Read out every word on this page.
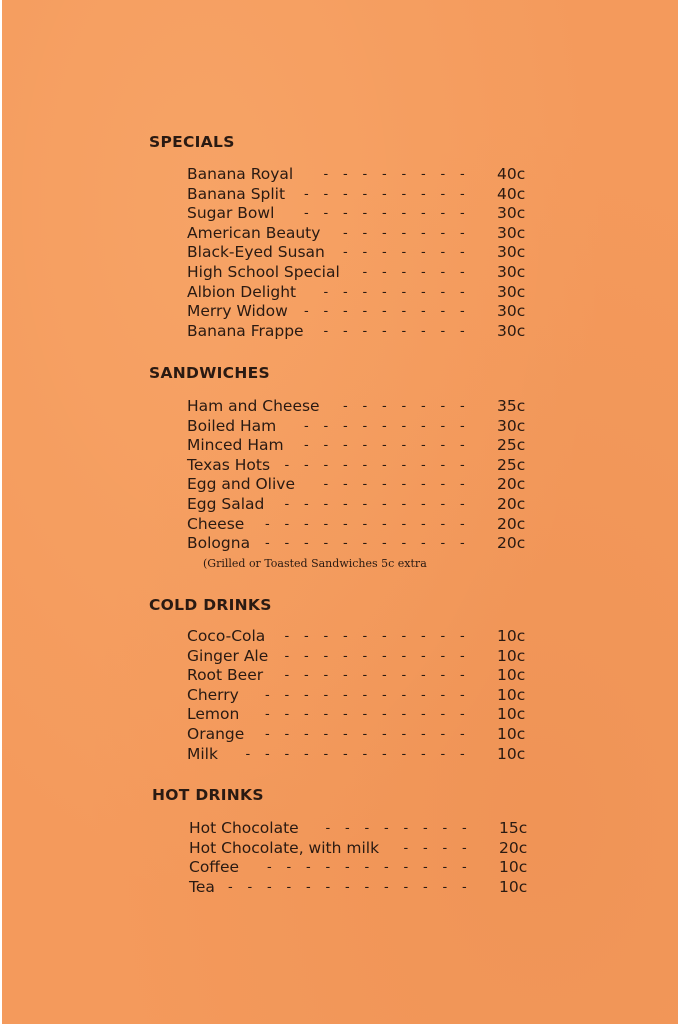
SPECIALS
Banana Royal	40c
- - - - - - - -
Banana Split	40c
- - - - - - - - -
Sugar Bowl	30c
- - - - - - - - -
American Beauty	30c
- - - - - - -
Black-Eyed Susan	30c
- - - - - - -
High School Special	30c
- - - - - -
Albion Delight	30c
- - - - - - - -
Merry Widow	30c
- - - - - - - - -
Banana Frappe	30c
- - - - - - - -
SANDWICHES
Ham and Cheese	35c
- - - - - - -
Boiled Ham	30c
- - - - - - - - -
Minced Ham	25c
- - - - - - - - -
Texas Hots	25c
- - - - - - - - - -
Egg and Olive	20c
- - - - - - - -
Egg Salad	20c
- - - - - - - - - -
Cheese	20c
- - - - - - - - - - -
Bologna	20c
- - - - - - - - - - -
(Grilled or Toasted Sandwiches 5c extra
COLD DRINKS
Coco-Cola	10c
- - - - - - - - - -
Ginger Ale	10c
- - - - - - - - - -
Root Beer	10c
- - - - - - - - - -
Cherry	10c
- - - - - - - - - - -
Lemon	10c
- - - - - - - - - - -
Orange	10c
- - - - - - - - - - -
Milk	10c
- - - - - - - - - - - -
HOT DRINKS
Hot Chocolate	15c
- - - - - - - -
Hot Chocolate, with milk	20c
- - - -
Coffee	10c
- - - - - - - - - - -
Tea	10c
- - - - - - - - - - - - -
